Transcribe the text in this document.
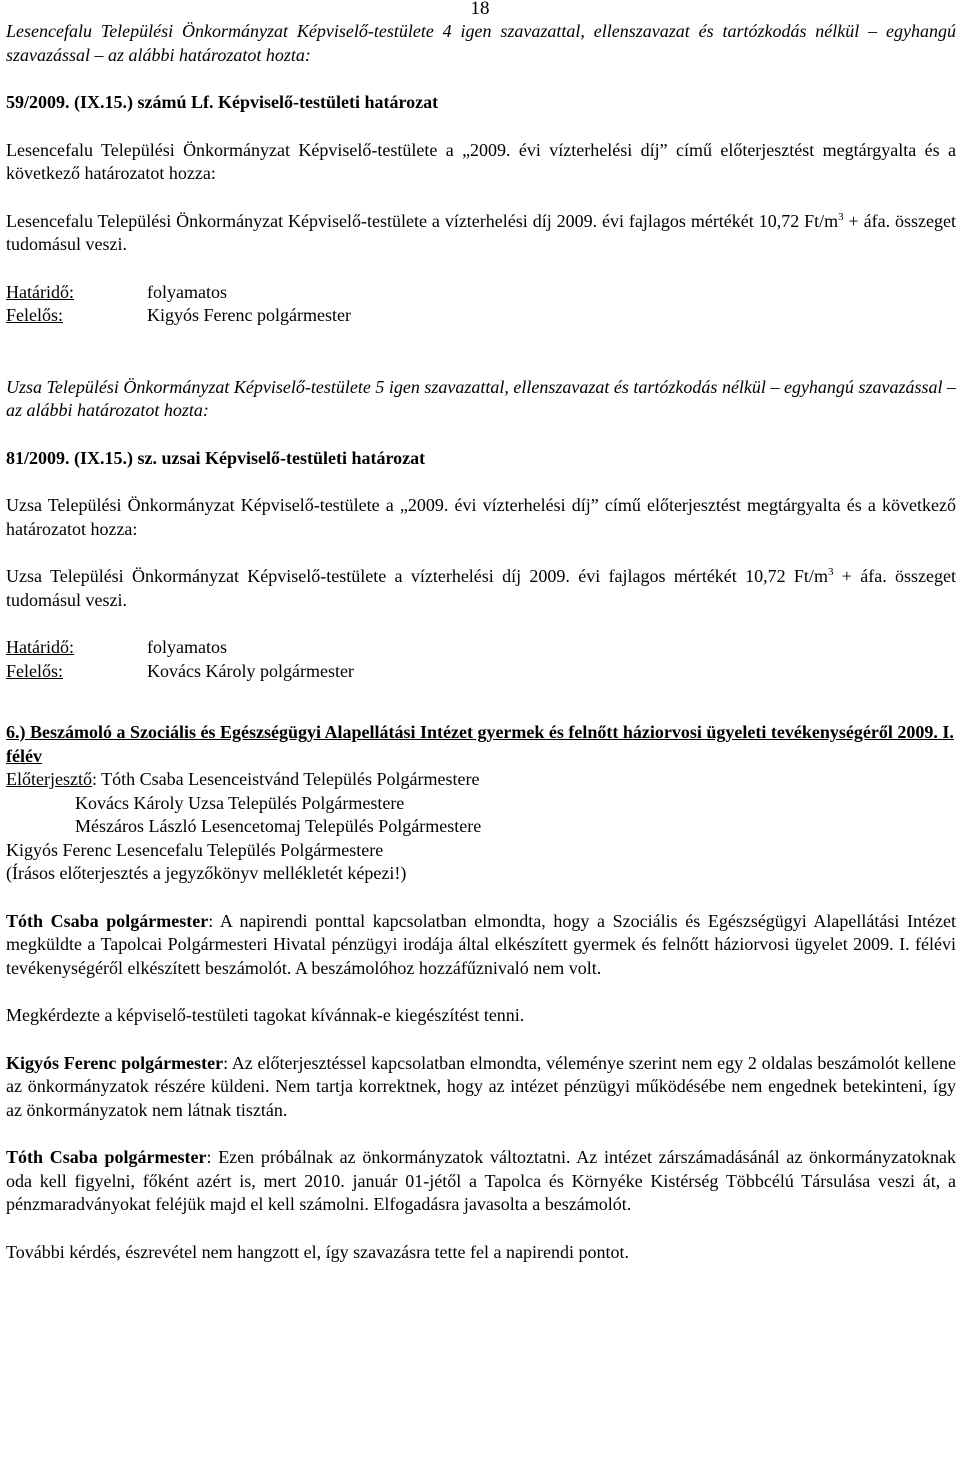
18

Lesencefalu Települési Önkormányzat Képviselő-testülete 4 igen szavazattal, ellenszavazat és tartózkodás nélkül – egyhangú szavazással – az alábbi határozatot hozta:

59/2009. (IX.15.) számú Lf. Képviselő-testületi határozat

Lesencefalu Települési Önkormányzat Képviselő-testülete a „2009. évi vízterhelési díj” című előterjesztést megtárgyalta és a következő határozatot hozza:

Lesencefalu Települési Önkormányzat Képviselő-testülete a vízterhelési díj 2009. évi fajlagos mértékét 10,72 $Ft/m^3$ + áfa. összeget tudomásul veszi.

Határidő:	folyamatos
Felelős:	Kigyós Ferenc polgármester

Uzsa Települési Önkormányzat Képviselő-testülete 5 igen szavazattal, ellenszavazat és tartózkodás nélkül – egyhangú szavazással – az alábbi határozatot hozta:

81/2009. (IX.15.) sz. uzsai Képviselő-testületi határozat

Uzsa Települési Önkormányzat Képviselő-testülete a „2009. évi vízterhelési díj” című előterjesztést megtárgyalta és a következő határozatot hozza:

Uzsa Települési Önkormányzat Képviselő-testülete a vízterhelési díj 2009. évi fajlagos mértékét 10,72 $Ft/m^3$ + áfa. összeget tudomásul veszi.

Határidő:	folyamatos
Felelős:	Kovács Károly polgármester

6.) Beszámoló a Szociális és Egészségügyi Alapellátási Intézet gyermek és felnőtt háziorvosi ügyeleti tevékenységéről 2009. I. félév

Előterjesztő: Tóth Csaba Lesenceistvánd Település Polgármestere

Kovács Károly Uzsa Település Polgármestere

Mészáros László Lesencetomaj Település Polgármestere

Kigyós Ferenc Lesencefalu Település Polgármestere

(Írásos előterjesztés a jegyzőkönyv mellékletét képezi!)

Tóth Csaba polgármester: A napirendi ponttal kapcsolatban elmondta, hogy a Szociális és Egészségügyi Alapellátási Intézet megküldte a Tapolcai Polgármesteri Hivatal pénzügyi irodája által elkészített gyermek és felnőtt háziorvosi ügyelet 2009. I. félévi tevékenységéről elkészített beszámolót. A beszámolóhoz hozzáfűznivaló nem volt.

Megkérdezte a képviselő-testületi tagokat kívánnak-e kiegészítést tenni.

Kigyós Ferenc polgármester: Az előterjesztéssel kapcsolatban elmondta, véleménye szerint nem egy 2 oldalas beszámolót kellene az önkormányzatok részére küldeni. Nem tartja korrektnek, hogy az intézet pénzügyi működésébe nem engednek betekinteni, így az önkormányzatok nem látnak tisztán.

Tóth Csaba polgármester: Ezen próbálnak az önkormányzatok változtatni. Az intézet zárszámadásánál az önkormányzatoknak oda kell figyelni, főként azért is, mert 2010. január 01-jétől a Tapolca és Környéke Kistérség Többcélú Társulása veszi át, a pénzmaradványokat feléjük majd el kell számolni. Elfogadásra javasolta a beszámolót.

További kérdés, észrevétel nem hangzott el, így szavazásra tette fel a napirendi pontot.
